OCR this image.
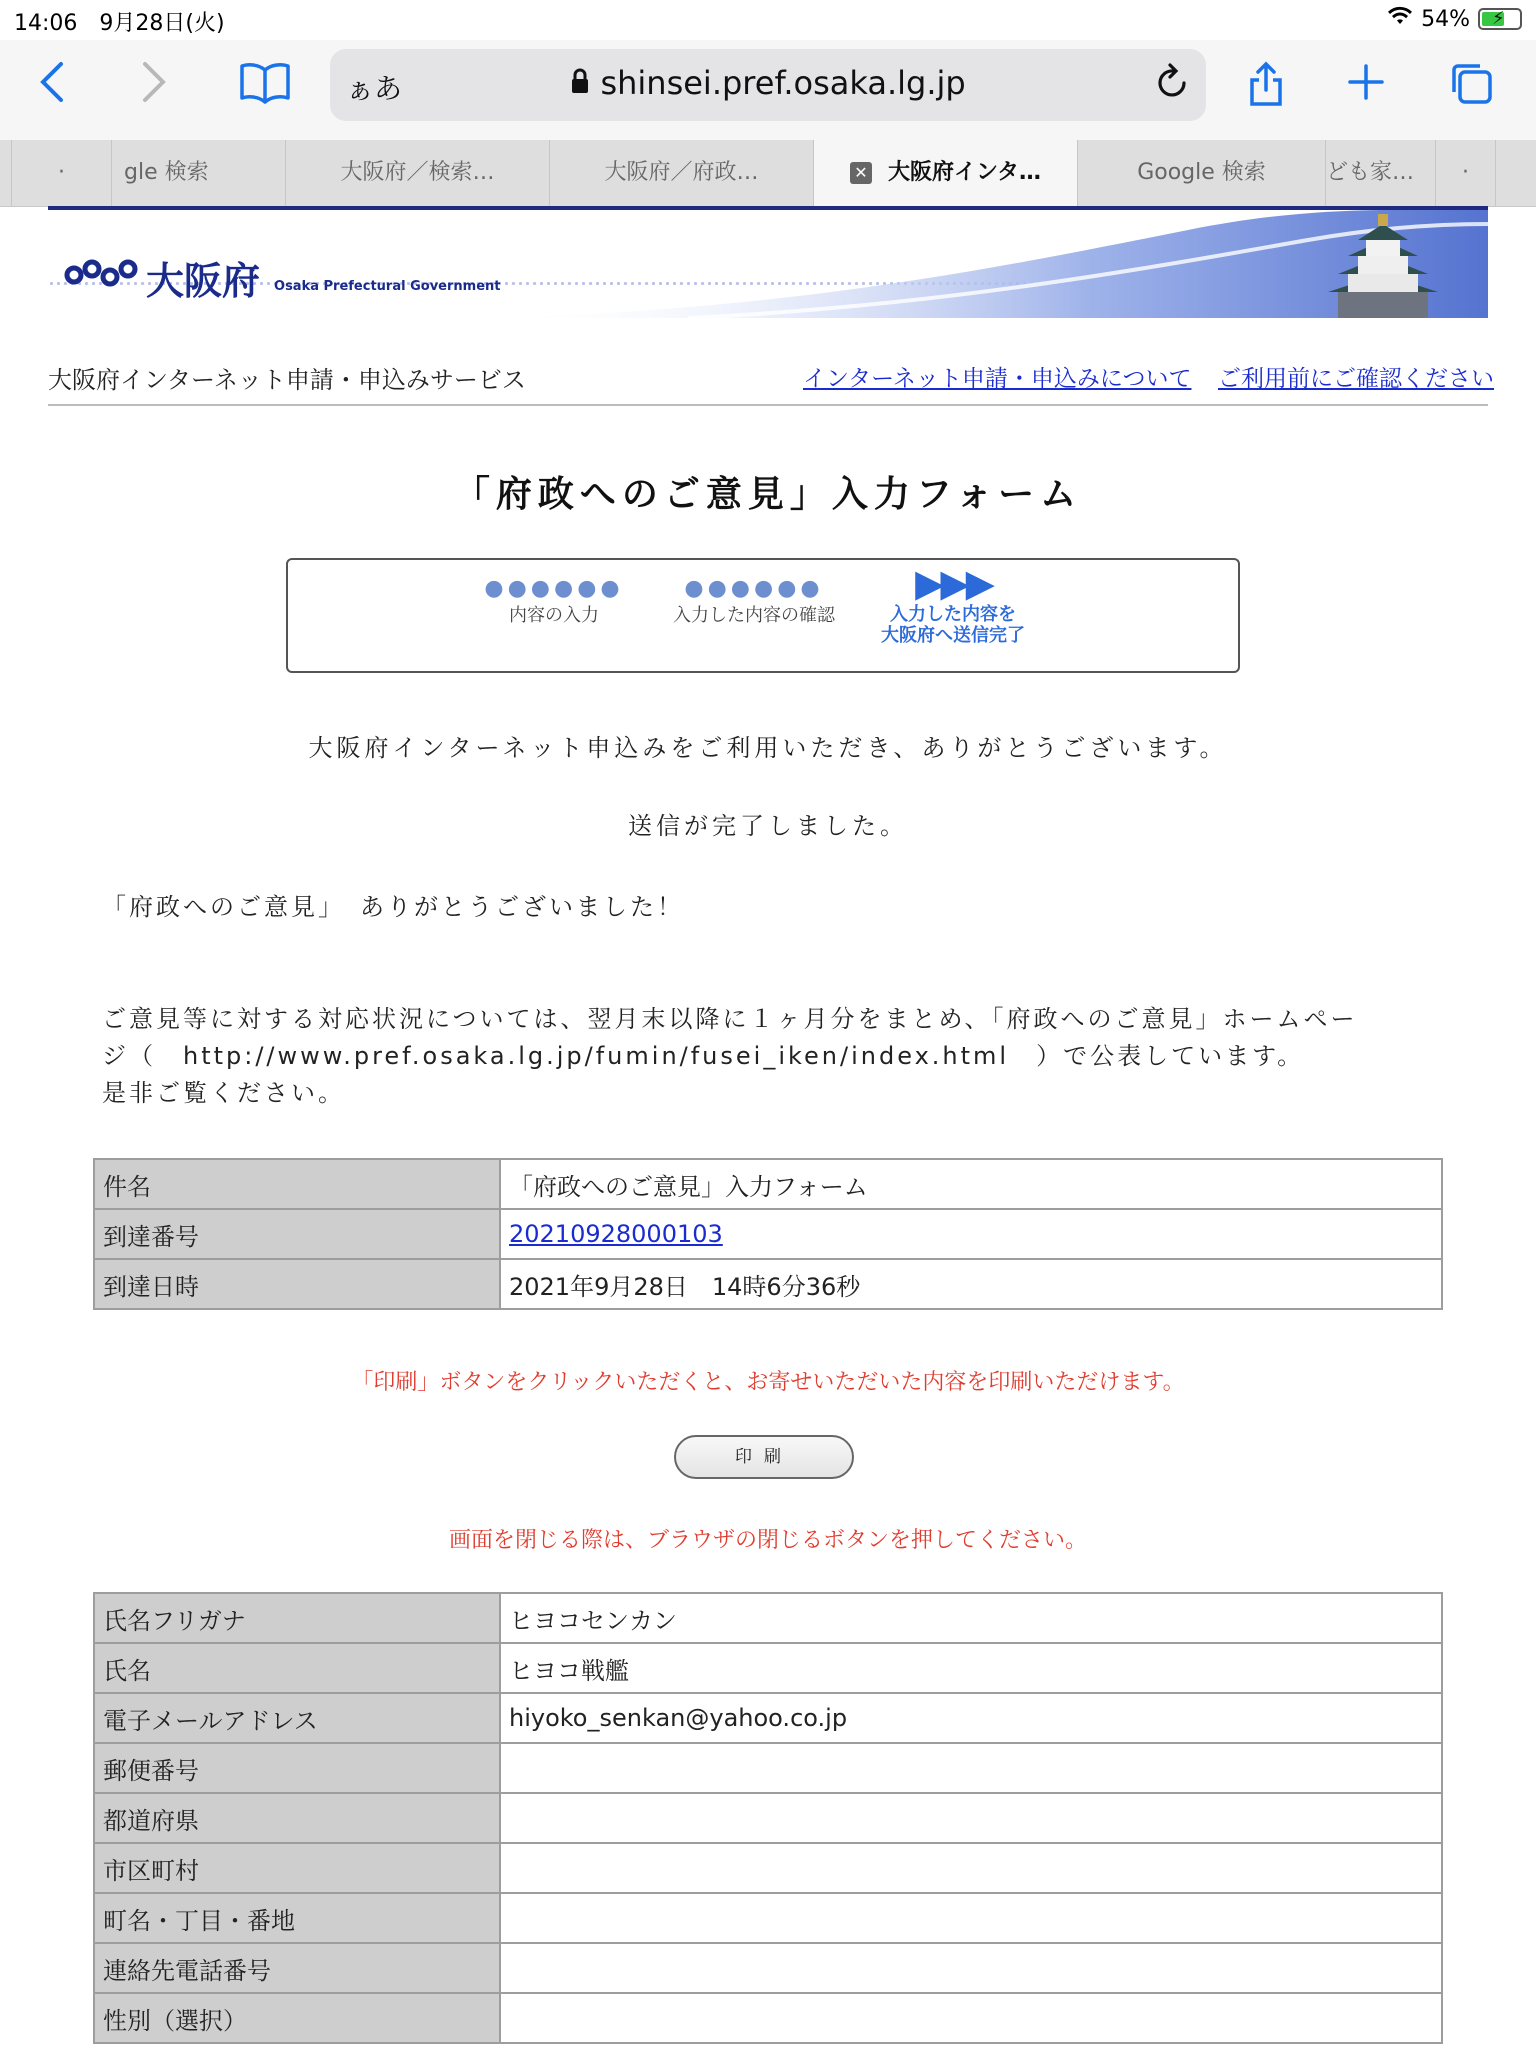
14:06　 9月28日(火)	54% ⚡
ぁあ	shinsei.pref.osaka.lg.jp
·	gle 検索	大阪府／検索…	大阪府／府政…	✕ 大阪府インタ…	Google 検索	ども家…	·
大阪府 Osaka Prefectural Government
大阪府インターネット申請・申込みサービス	インターネット申請・申込みについて ご利用前にご確認ください
「府政へのご意見」入力フォーム
●●●●●●
内容の入力
●●●●●●
入力した内容の確認
▶▶▶
入力した内容を
大阪府へ送信完了
大阪府インターネット申込みをご利用いただき、ありがとうございます。
送信が完了しました。
「府政へのご意見」　ありがとうございました！
ご意見等に対する対応状況については、翌月末以降に１ヶ月分をまとめ、「府政へのご意見」ホームペー
ジ（　http://www.pref.osaka.lg.jp/fumin/fusei_iken/index.html　）で公表しています。
是非ご覧ください。
件名	「府政へのご意見」入力フォーム
到達番号	20210928000103
到達日時	2021年9月28日　14時6分36秒
「印刷」ボタンをクリックいただくと、お寄せいただいた内容を印刷いただけます。
印刷
画面を閉じる際は、ブラウザの閉じるボタンを押してください。
氏名フリガナ	ヒヨコセンカン
氏名	ヒヨコ戦艦
電子メールアドレス	hiyoko_senkan@yahoo.co.jp
郵便番号	
都道府県	
市区町村	
町名・丁目・番地	
連絡先電話番号	
性別（選択）	
